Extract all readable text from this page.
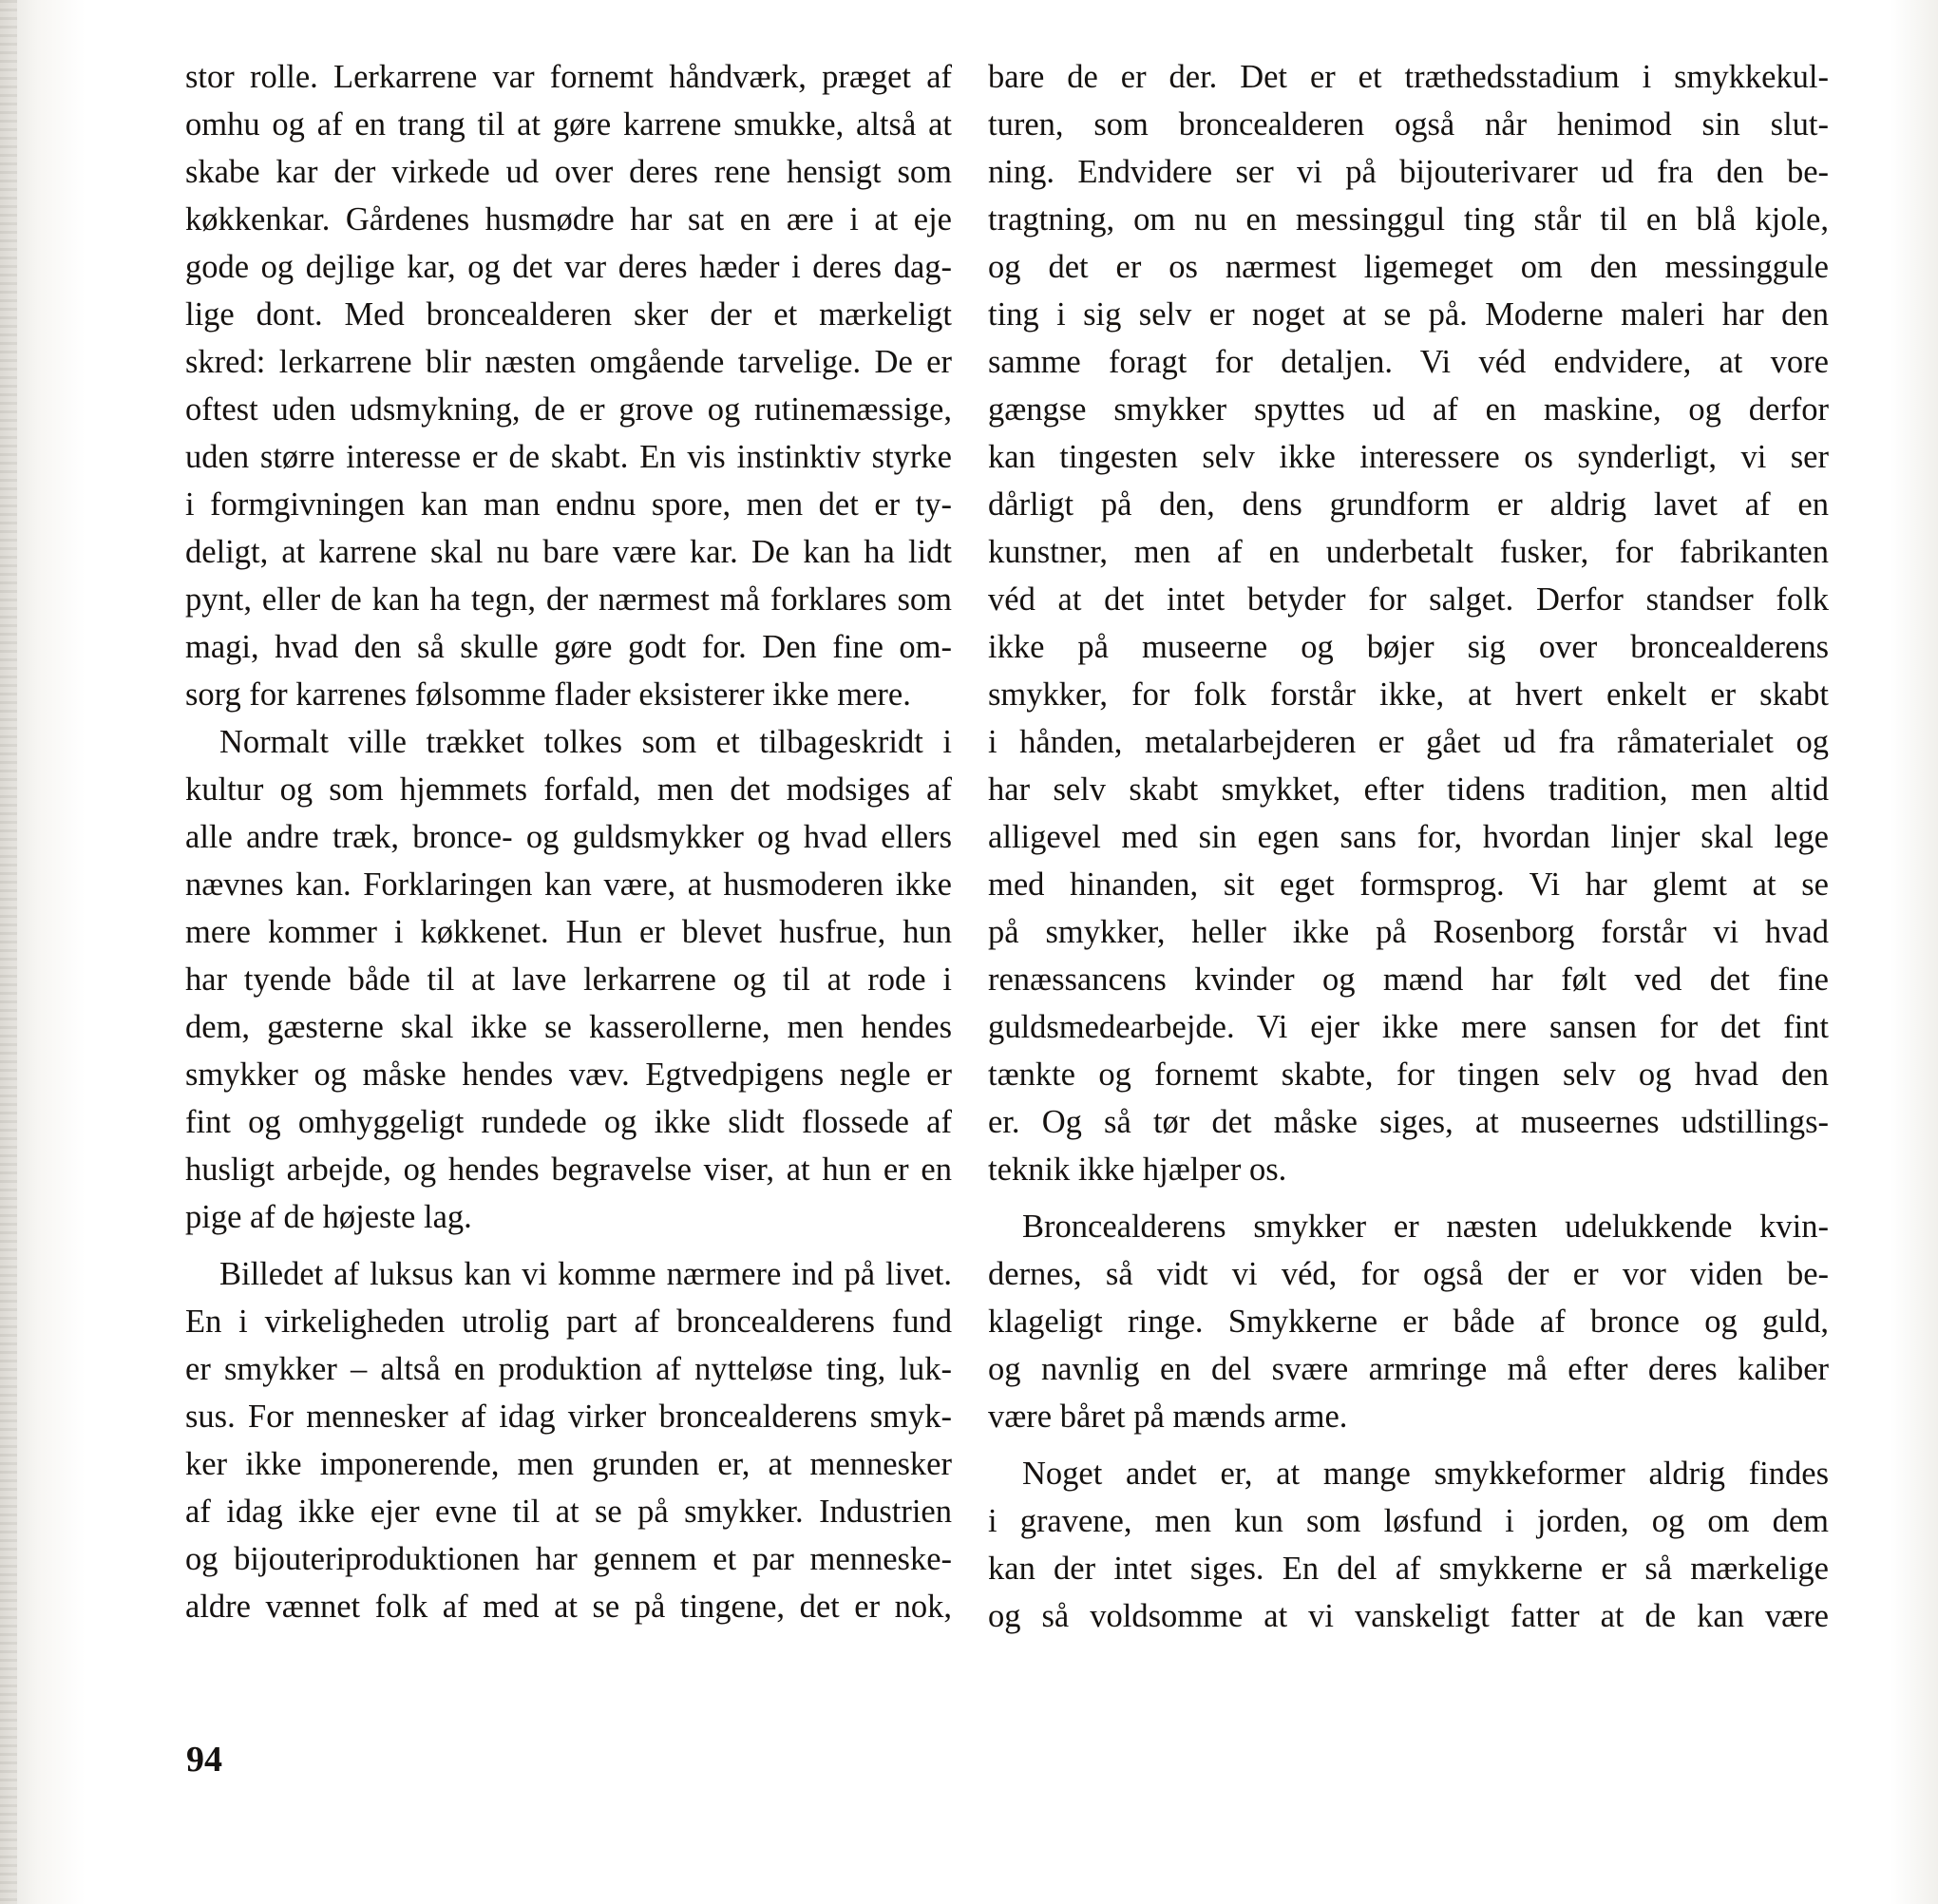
stor rolle. Lerkarrene var fornemt håndværk, præget af
omhu og af en trang til at gøre karrene smukke, altså at
skabe kar der virkede ud over deres rene hensigt som
køkkenkar. Gårdenes husmødre har sat en ære i at eje
gode og dejlige kar, og det var deres hæder i deres dag-
lige dont. Med broncealderen sker der et mærkeligt
skred: lerkarrene blir næsten omgående tarvelige. De er
oftest uden udsmykning, de er grove og rutinemæssige,
uden større interesse er de skabt. En vis instinktiv styrke
i formgivningen kan man endnu spore, men det er ty-
deligt, at karrene skal nu bare være kar. De kan ha lidt
pynt, eller de kan ha tegn, der nærmest må forklares som
magi, hvad den så skulle gøre godt for. Den fine om-
sorg for karrenes følsomme flader eksisterer ikke mere.
Normalt ville trækket tolkes som et tilbageskridt i
kultur og som hjemmets forfald, men det modsiges af
alle andre træk, bronce- og guldsmykker og hvad ellers
nævnes kan. Forklaringen kan være, at husmoderen ikke
mere kommer i køkkenet. Hun er blevet husfrue, hun
har tyende både til at lave lerkarrene og til at rode i
dem, gæsterne skal ikke se kasserollerne, men hendes
smykker og måske hendes væv. Egtvedpigens negle er
fint og omhyggeligt rundede og ikke slidt flossede af
husligt arbejde, og hendes begravelse viser, at hun er en
pige af de højeste lag.
Billedet af luksus kan vi komme nærmere ind på livet.
En i virkeligheden utrolig part af broncealderens fund
er smykker – altså en produktion af nytteløse ting, luk-
sus. For mennesker af idag virker broncealderens smyk-
ker ikke imponerende, men grunden er, at mennesker
af idag ikke ejer evne til at se på smykker. Industrien
og bijouteriproduktionen har gennem et par menneske-
aldre vænnet folk af med at se på tingene, det er nok,
bare de er der. Det er et træthedsstadium i smykkekul-
turen, som broncealderen også når henimod sin slut-
ning. Endvidere ser vi på bijouterivarer ud fra den be-
tragtning, om nu en messinggul ting står til en blå kjole,
og det er os nærmest ligemeget om den messinggule
ting i sig selv er noget at se på. Moderne maleri har den
samme foragt for detaljen. Vi véd endvidere, at vore
gængse smykker spyttes ud af en maskine, og derfor
kan tingesten selv ikke interessere os synderligt, vi ser
dårligt på den, dens grundform er aldrig lavet af en
kunstner, men af en underbetalt fusker, for fabrikanten
véd at det intet betyder for salget. Derfor standser folk
ikke på museerne og bøjer sig over broncealderens
smykker, for folk forstår ikke, at hvert enkelt er skabt
i hånden, metalarbejderen er gået ud fra råmaterialet og
har selv skabt smykket, efter tidens tradition, men altid
alligevel med sin egen sans for, hvordan linjer skal lege
med hinanden, sit eget formsprog. Vi har glemt at se
på smykker, heller ikke på Rosenborg forstår vi hvad
renæssancens kvinder og mænd har følt ved det fine
guldsmedearbejde. Vi ejer ikke mere sansen for det fint
tænkte og fornemt skabte, for tingen selv og hvad den
er. Og så tør det måske siges, at museernes udstillings-
teknik ikke hjælper os.
Broncealderens smykker er næsten udelukkende kvin-
dernes, så vidt vi véd, for også der er vor viden be-
klageligt ringe. Smykkerne er både af bronce og guld,
og navnlig en del svære armringe må efter deres kaliber
være båret på mænds arme.
Noget andet er, at mange smykkeformer aldrig findes
i gravene, men kun som løsfund i jorden, og om dem
kan der intet siges. En del af smykkerne er så mærkelige
og så voldsomme at vi vanskeligt fatter at de kan være
94
